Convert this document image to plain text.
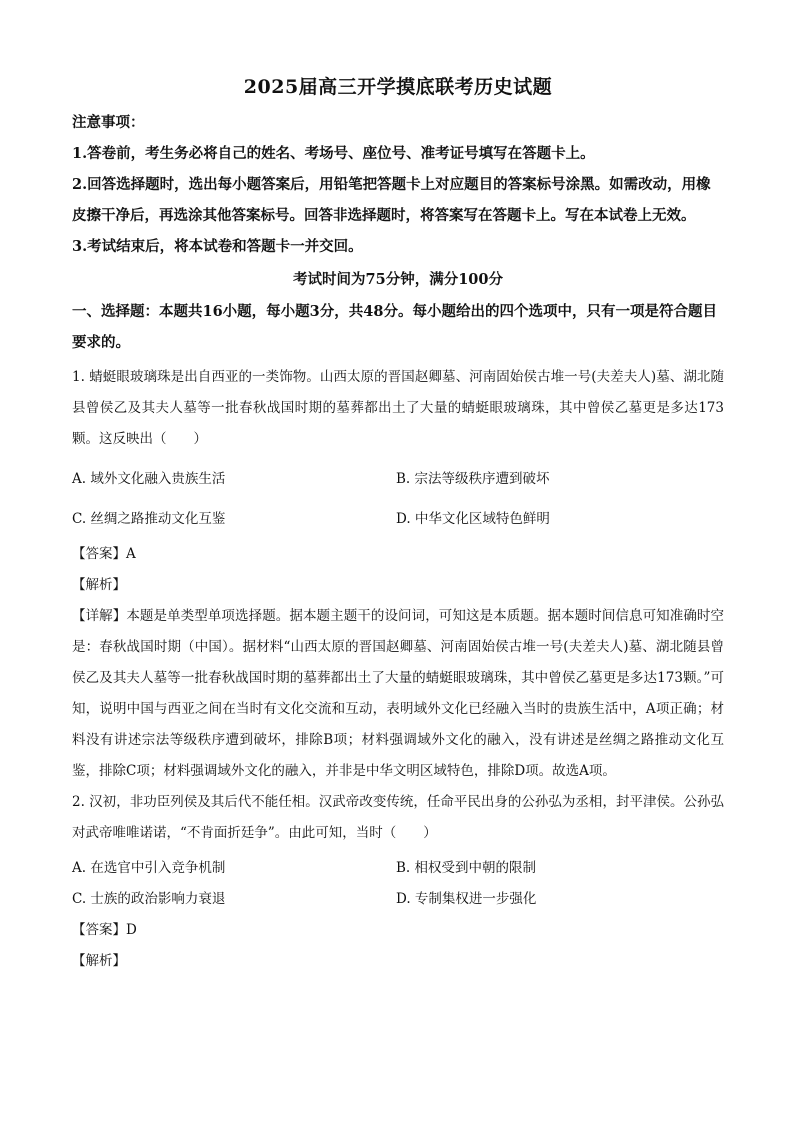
2025届高三开学摸底联考历史试题

注意事项：

1.答卷前，考生务必将自己的姓名、考场号、座位号、准考证号填写在答题卡上。

2.回答选择题时，选出每小题答案后，用铅笔把答题卡上对应题目的答案标号涂黑。如需改动，用橡皮擦干净后，再选涂其他答案标号。回答非选择题时，将答案写在答题卡上。写在本试卷上无效。

3.考试结束后，将本试卷和答题卡一并交回。

考试时间为75分钟，满分100分

一、选择题：本题共16小题，每小题3分，共48分。每小题给出的四个选项中，只有一项是符合题目要求的。

1. 蜻蜓眼玻璃珠是出自西亚的一类饰物。山西太原的晋国赵卿墓、河南固始侯古堆一号(夫差夫人)墓、湖北随县曾侯乙及其夫人墓等一批春秋战国时期的墓葬都出土了大量的蜻蜓眼玻璃珠，其中曾侯乙墓更是多达173颗。这反映出（　　）

A. 域外文化融入贵族生活	B. 宗法等级秩序遭到破坏
C. 丝绸之路推动文化互鉴	D. 中华文化区域特色鲜明

【答案】A

【解析】

【详解】本题是单类型单项选择题。据本题主题干的设问词，可知这是本质题。据本题时间信息可知准确时空是：春秋战国时期（中国）。据材料“山西太原的晋国赵卿墓、河南固始侯古堆一号(夫差夫人)墓、湖北随县曾侯乙及其夫人墓等一批春秋战国时期的墓葬都出土了大量的蜻蜓眼玻璃珠，其中曾侯乙墓更是多达173颗。”可知，说明中国与西亚之间在当时有文化交流和互动，表明域外文化已经融入当时的贵族生活中，A项正确；材料没有讲述宗法等级秩序遭到破坏，排除B项；材料强调域外文化的融入，没有讲述是丝绸之路推动文化互鉴，排除C项；材料强调域外文化的融入，并非是中华文明区域特色，排除D项。故选A项。

2. 汉初，非功臣列侯及其后代不能任相。汉武帝改变传统，任命平民出身的公孙弘为丞相，封平津侯。公孙弘对武帝唯唯诺诺，“不肯面折廷争”。由此可知，当时（　　）

A. 在选官中引入竞争机制	B. 相权受到中朝的限制
C. 士族的政治影响力衰退	D. 专制集权进一步强化

【答案】D

【解析】
